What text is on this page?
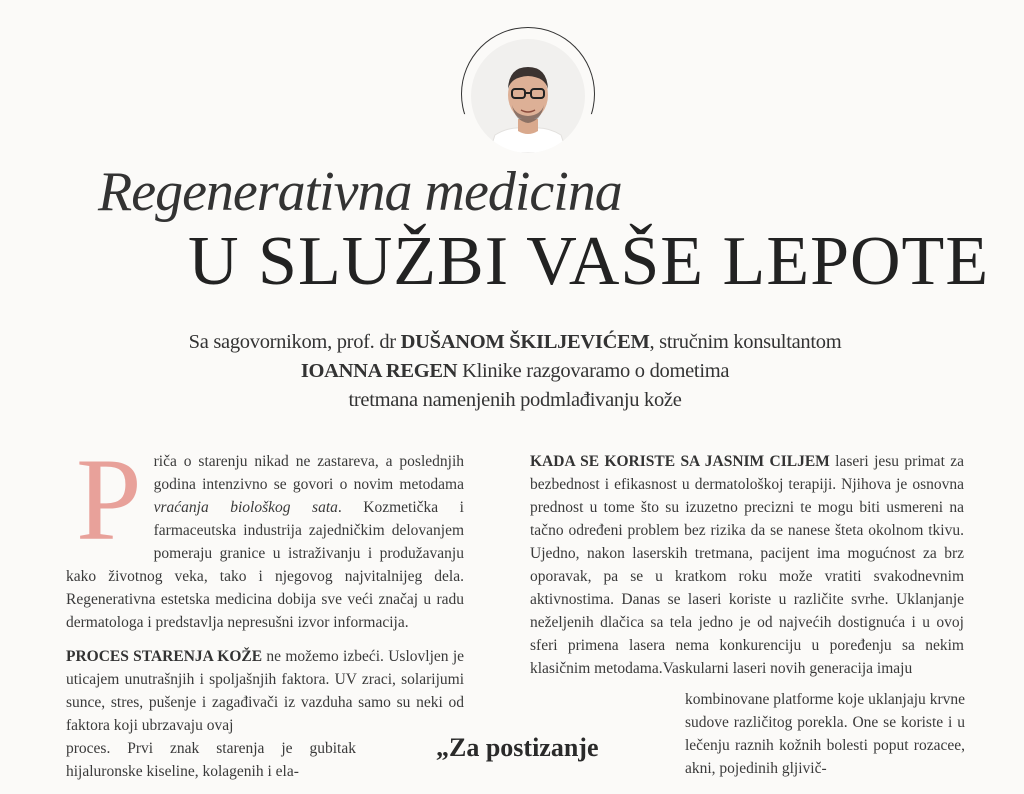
Regenerativna medicina
U SLUŽBI VAŠE LEPOTE
Sa sagovornikom, prof. dr DUŠANOM ŠKILJEVIĆEM, stručnim konsultantom
IOANNA REGEN Klinike razgovaramo o dometima
tretmana namenjenih podmlađivanju kože

Priča o starenju nikad ne zastareva, a poslednjih godina intenzivno se govori o novim metodama vraćanja biološkog sata. Kozmetička i farmaceutska industrija zajedničkim delovanjem pomeraju granice u istraživanju i produžavanju kako životnog veka, tako i njegovog najvitalnijeg dela. Regenerativna estetska medicina dobija sve veći značaj u radu dermatologa i predstavlja nepresušni izvor informacija.

PROCES STARENJA KOŽE ne možemo izbeći. Uslovljen je uticajem unutrašnjih i spoljašnjih faktora. UV zraci, solarijumi sunce, stres, pušenje i zagađivači iz vazduha samo su neki od faktora koji ubrzavaju ovaj

proces. Prvi znak starenja je gubitak hijaluronske kiseline, kolagenih i ela-

KADA SE KORISTE SA JASNIM CILJEM laseri jesu primat za bezbednost i efikasnost u dermatološkoj terapiji. Njihova je osnovna prednost u tome što su izuzetno precizni te mogu biti usmereni na tačno određeni problem bez rizika da se nanese šteta okolnom tkivu. Ujedno, nakon laserskih tretmana, pacijent ima mogućnost za brz oporavak, pa se u kratkom roku može vratiti svakodnevnim aktivnostima. Danas se laseri koriste u različite svrhe. Uklanjanje neželjenih dlačica sa tela jedno je od najvećih dostignuća i u ovoj sferi primena lasera nema konkurenciju u poređenju sa nekim klasičnim metodama.Vaskularni laseri novih generacija imaju

kombinovane platforme koje uklanjaju krvne sudove različitog porekla. One se koriste i u lečenju raznih kožnih bolesti poput rozacee, akni, pojedinih gljivič-
„Za postizanje
